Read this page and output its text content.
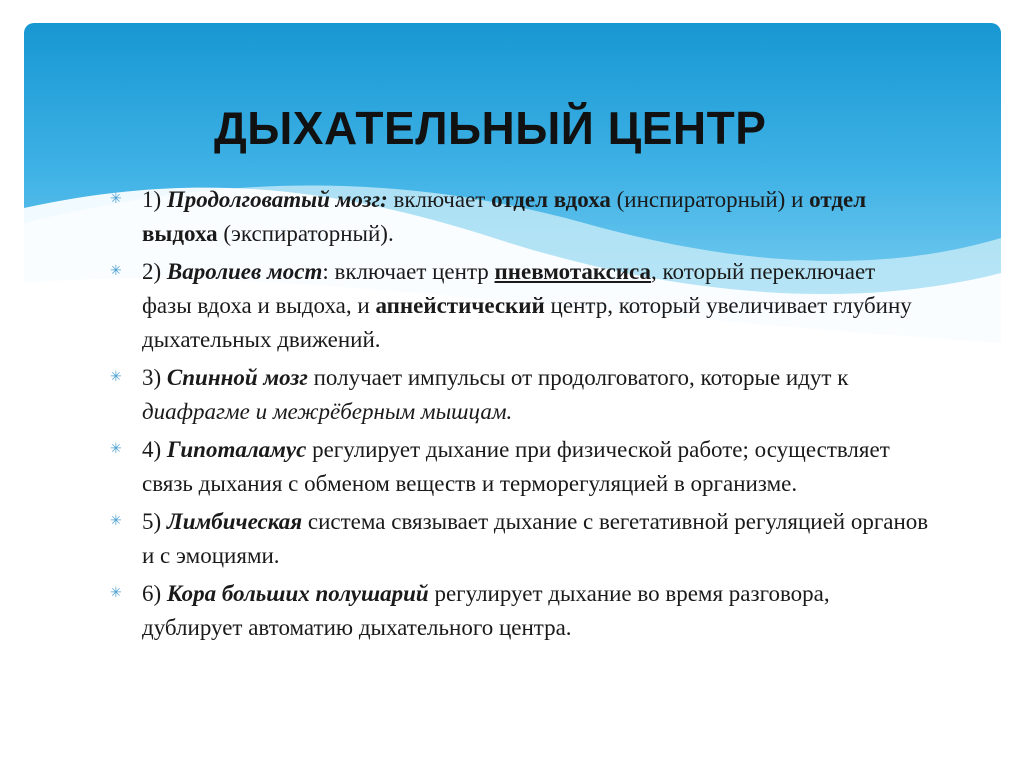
ДЫХАТЕЛЬНЫЙ ЦЕНТР
✳ 1) Продолговатый мозг: включает отдел вдоха (инспираторный) и отдел выдоха (экспираторный).
✳ 2) Варолиев мост: включает центр пневмотаксиса, который переключает фазы вдоха и выдоха, и апнейстический центр, который увеличивает глубину дыхательных движений.
✳ 3) Спинной мозг получает импульсы от продолговатого, которые идут к диафрагме и межрёберным мышцам.
✳ 4) Гипоталамус регулирует дыхание при физической работе; осуществляет связь дыхания с обменом веществ и терморегуляцией в организме.
✳ 5) Лимбическая система связывает дыхание с вегетативной регуляцией органов и с эмоциями.
✳ 6) Кора больших полушарий регулирует дыхание во время разговора, дублирует автоматию дыхательного центра.
